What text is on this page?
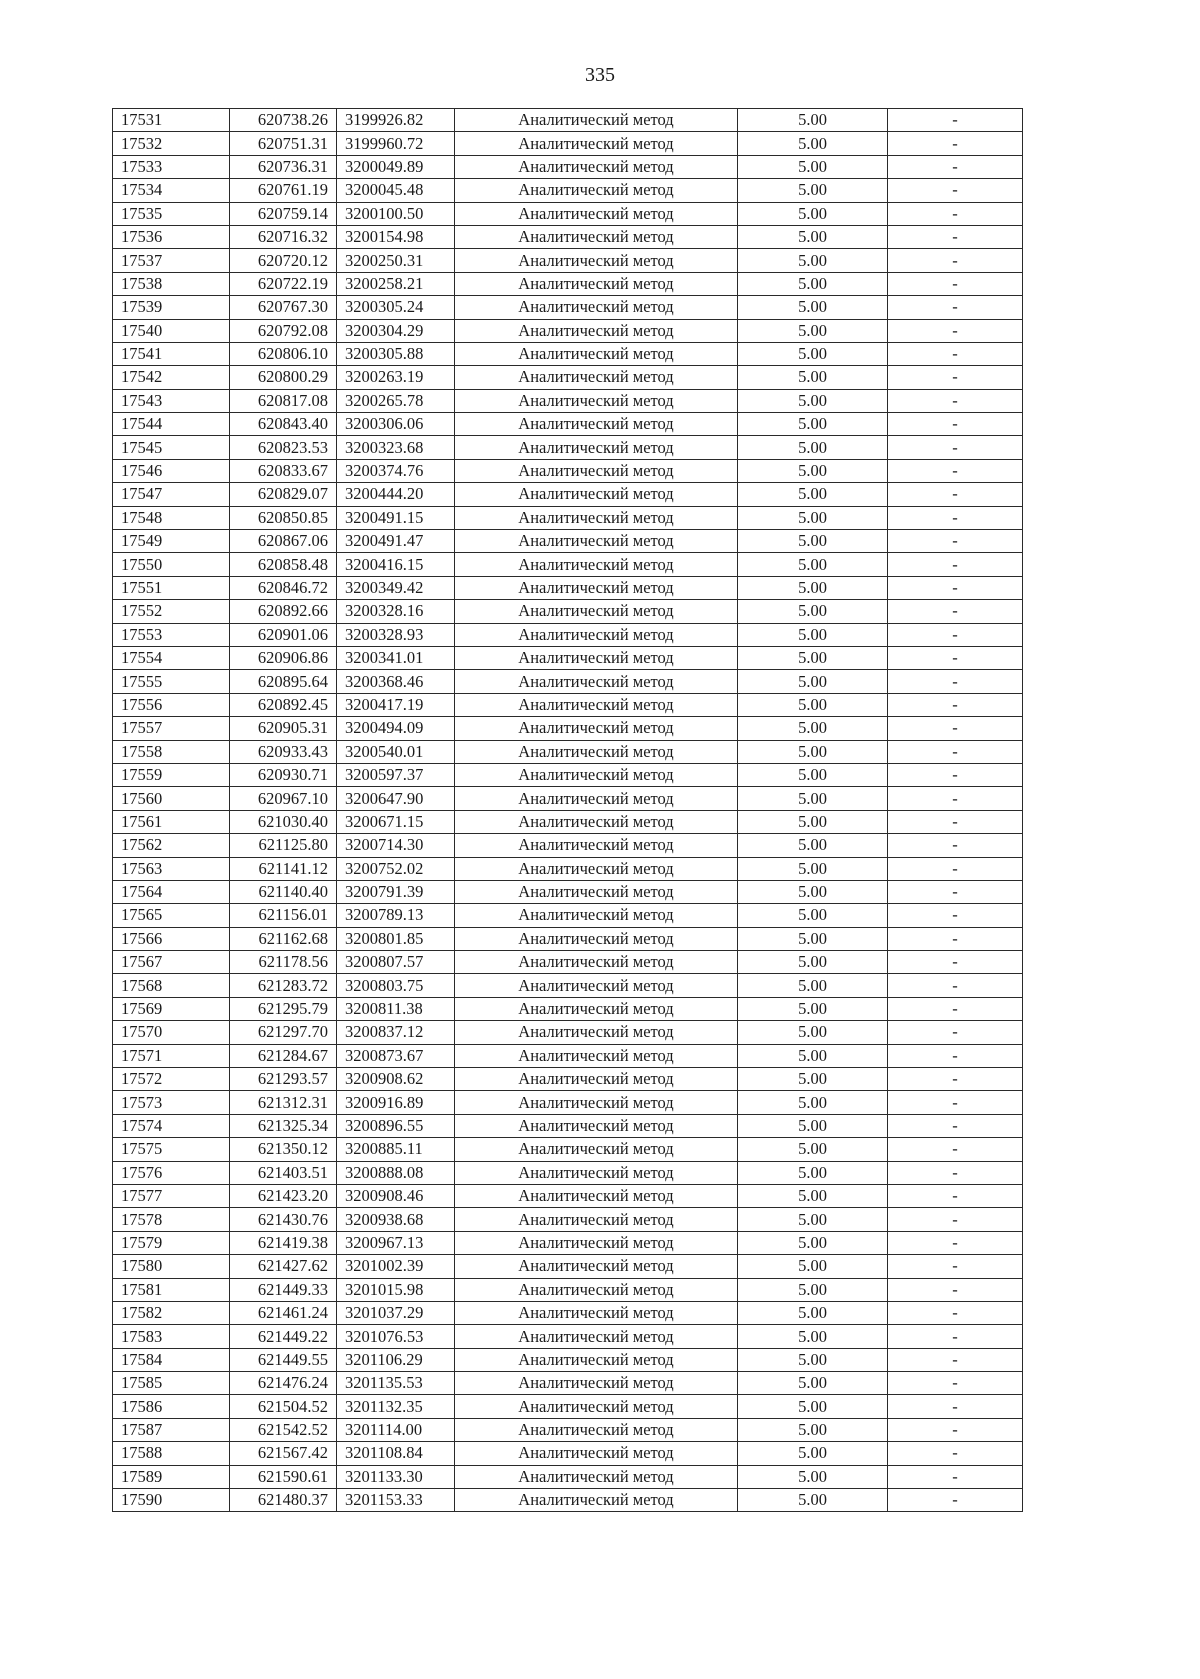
335
17531	620738.26	3199926.82	Аналитический метод	5.00	-
17532	620751.31	3199960.72	Аналитический метод	5.00	-
17533	620736.31	3200049.89	Аналитический метод	5.00	-
17534	620761.19	3200045.48	Аналитический метод	5.00	-
17535	620759.14	3200100.50	Аналитический метод	5.00	-
17536	620716.32	3200154.98	Аналитический метод	5.00	-
17537	620720.12	3200250.31	Аналитический метод	5.00	-
17538	620722.19	3200258.21	Аналитический метод	5.00	-
17539	620767.30	3200305.24	Аналитический метод	5.00	-
17540	620792.08	3200304.29	Аналитический метод	5.00	-
17541	620806.10	3200305.88	Аналитический метод	5.00	-
17542	620800.29	3200263.19	Аналитический метод	5.00	-
17543	620817.08	3200265.78	Аналитический метод	5.00	-
17544	620843.40	3200306.06	Аналитический метод	5.00	-
17545	620823.53	3200323.68	Аналитический метод	5.00	-
17546	620833.67	3200374.76	Аналитический метод	5.00	-
17547	620829.07	3200444.20	Аналитический метод	5.00	-
17548	620850.85	3200491.15	Аналитический метод	5.00	-
17549	620867.06	3200491.47	Аналитический метод	5.00	-
17550	620858.48	3200416.15	Аналитический метод	5.00	-
17551	620846.72	3200349.42	Аналитический метод	5.00	-
17552	620892.66	3200328.16	Аналитический метод	5.00	-
17553	620901.06	3200328.93	Аналитический метод	5.00	-
17554	620906.86	3200341.01	Аналитический метод	5.00	-
17555	620895.64	3200368.46	Аналитический метод	5.00	-
17556	620892.45	3200417.19	Аналитический метод	5.00	-
17557	620905.31	3200494.09	Аналитический метод	5.00	-
17558	620933.43	3200540.01	Аналитический метод	5.00	-
17559	620930.71	3200597.37	Аналитический метод	5.00	-
17560	620967.10	3200647.90	Аналитический метод	5.00	-
17561	621030.40	3200671.15	Аналитический метод	5.00	-
17562	621125.80	3200714.30	Аналитический метод	5.00	-
17563	621141.12	3200752.02	Аналитический метод	5.00	-
17564	621140.40	3200791.39	Аналитический метод	5.00	-
17565	621156.01	3200789.13	Аналитический метод	5.00	-
17566	621162.68	3200801.85	Аналитический метод	5.00	-
17567	621178.56	3200807.57	Аналитический метод	5.00	-
17568	621283.72	3200803.75	Аналитический метод	5.00	-
17569	621295.79	3200811.38	Аналитический метод	5.00	-
17570	621297.70	3200837.12	Аналитический метод	5.00	-
17571	621284.67	3200873.67	Аналитический метод	5.00	-
17572	621293.57	3200908.62	Аналитический метод	5.00	-
17573	621312.31	3200916.89	Аналитический метод	5.00	-
17574	621325.34	3200896.55	Аналитический метод	5.00	-
17575	621350.12	3200885.11	Аналитический метод	5.00	-
17576	621403.51	3200888.08	Аналитический метод	5.00	-
17577	621423.20	3200908.46	Аналитический метод	5.00	-
17578	621430.76	3200938.68	Аналитический метод	5.00	-
17579	621419.38	3200967.13	Аналитический метод	5.00	-
17580	621427.62	3201002.39	Аналитический метод	5.00	-
17581	621449.33	3201015.98	Аналитический метод	5.00	-
17582	621461.24	3201037.29	Аналитический метод	5.00	-
17583	621449.22	3201076.53	Аналитический метод	5.00	-
17584	621449.55	3201106.29	Аналитический метод	5.00	-
17585	621476.24	3201135.53	Аналитический метод	5.00	-
17586	621504.52	3201132.35	Аналитический метод	5.00	-
17587	621542.52	3201114.00	Аналитический метод	5.00	-
17588	621567.42	3201108.84	Аналитический метод	5.00	-
17589	621590.61	3201133.30	Аналитический метод	5.00	-
17590	621480.37	3201153.33	Аналитический метод	5.00	-
